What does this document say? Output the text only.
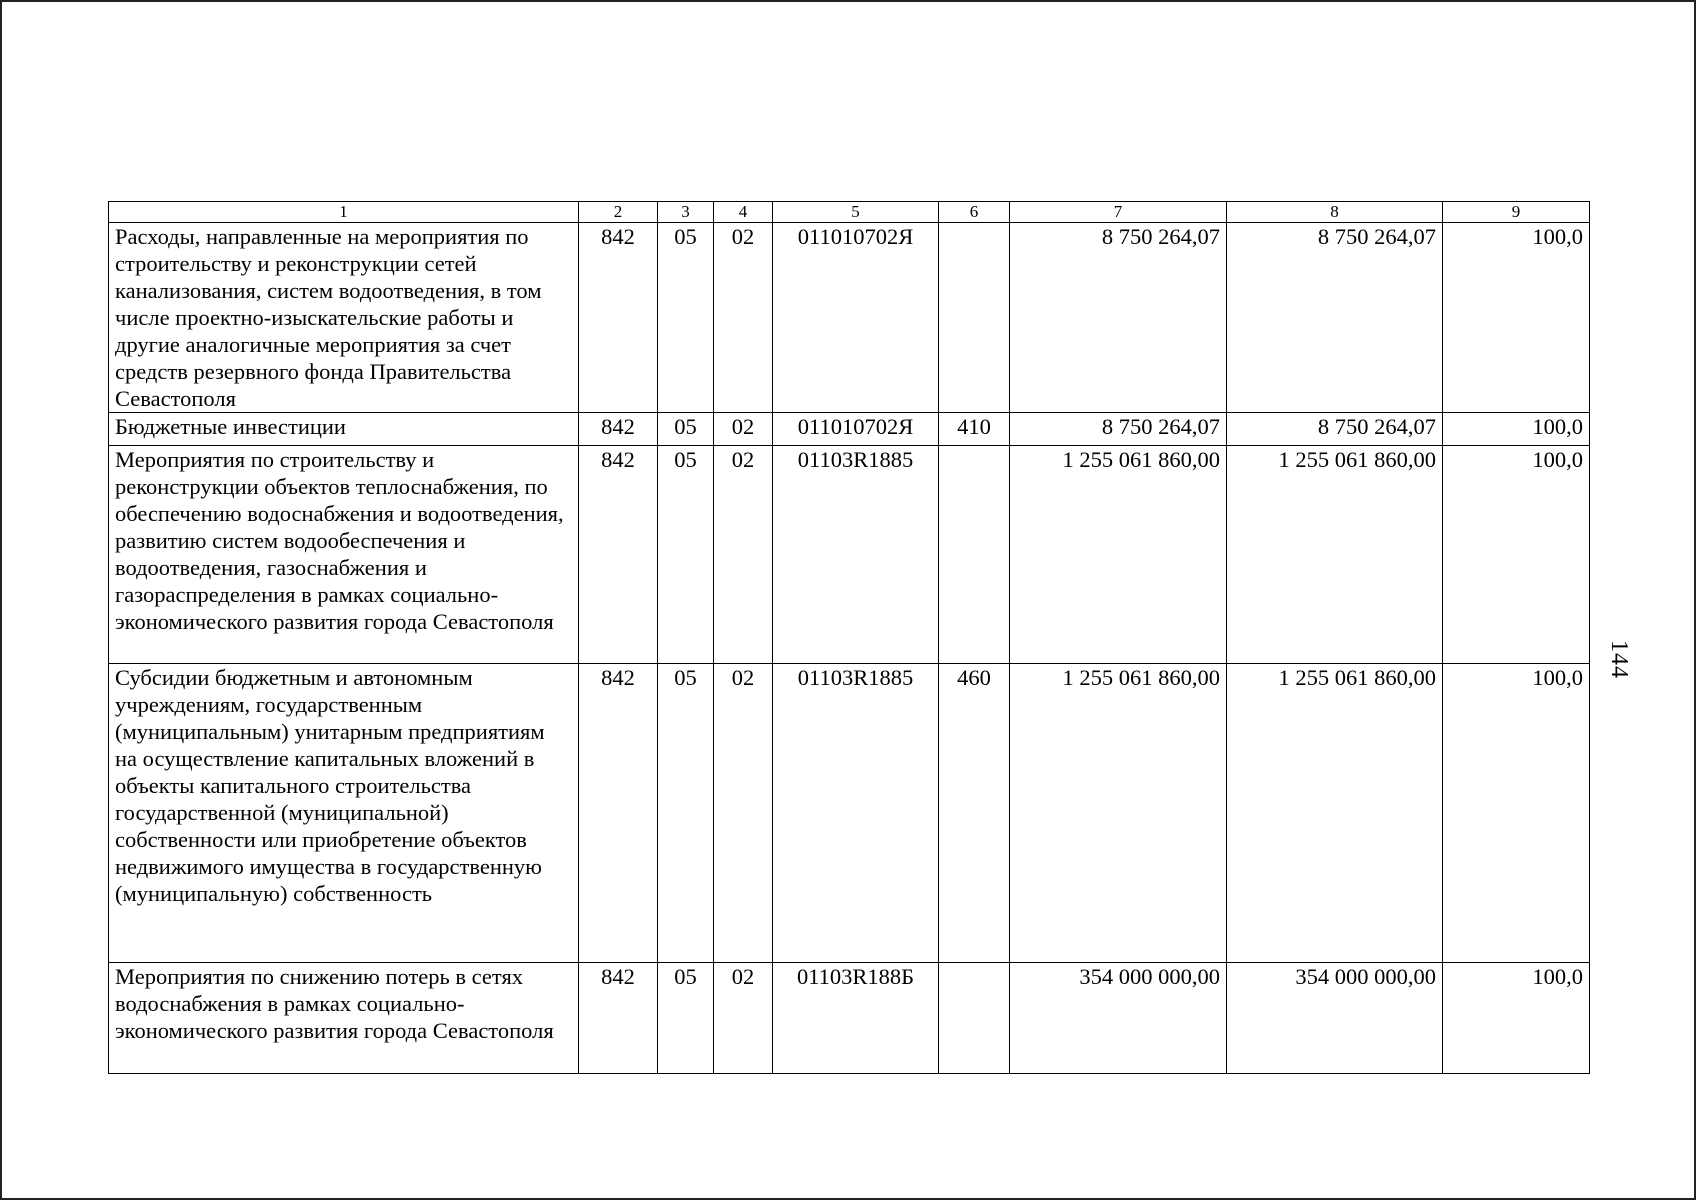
1	2	3	4	5	6	7	8	9
Расходы, направленные на мероприятия по строительству и реконструкции сетей канализования, систем водоотведения, в том числе проектно-изыскательские работы и другие аналогичные мероприятия за счет средств резервного фонда Правительства Севастополя	842	05	02	011010702Я		8 750 264,07	8 750 264,07	100,0
Бюджетные инвестиции	842	05	02	011010702Я	410	8 750 264,07	8 750 264,07	100,0
Мероприятия по строительству и реконструкции объектов теплоснабжения, по обеспечению водоснабжения и водоотведения, развитию систем водообеспечения и водоотведения, газоснабжения и газораспределения в рамках социально-экономического развития города Севастополя	842	05	02	01103R1885		1 255 061 860,00	1 255 061 860,00	100,0
Субсидии бюджетным и автономным учреждениям, государственным (муниципальным) унитарным предприятиям на осуществление капитальных вложений в объекты капитального строительства государственной (муниципальной) собственности или приобретение объектов недвижимого имущества в государственную (муниципальную) собственность	842	05	02	01103R1885	460	1 255 061 860,00	1 255 061 860,00	100,0
Мероприятия по снижению потерь в сетях водоснабжения в рамках социально-экономического развития города Севастополя	842	05	02	01103R188Б		354 000 000,00	354 000 000,00	100,0
144
